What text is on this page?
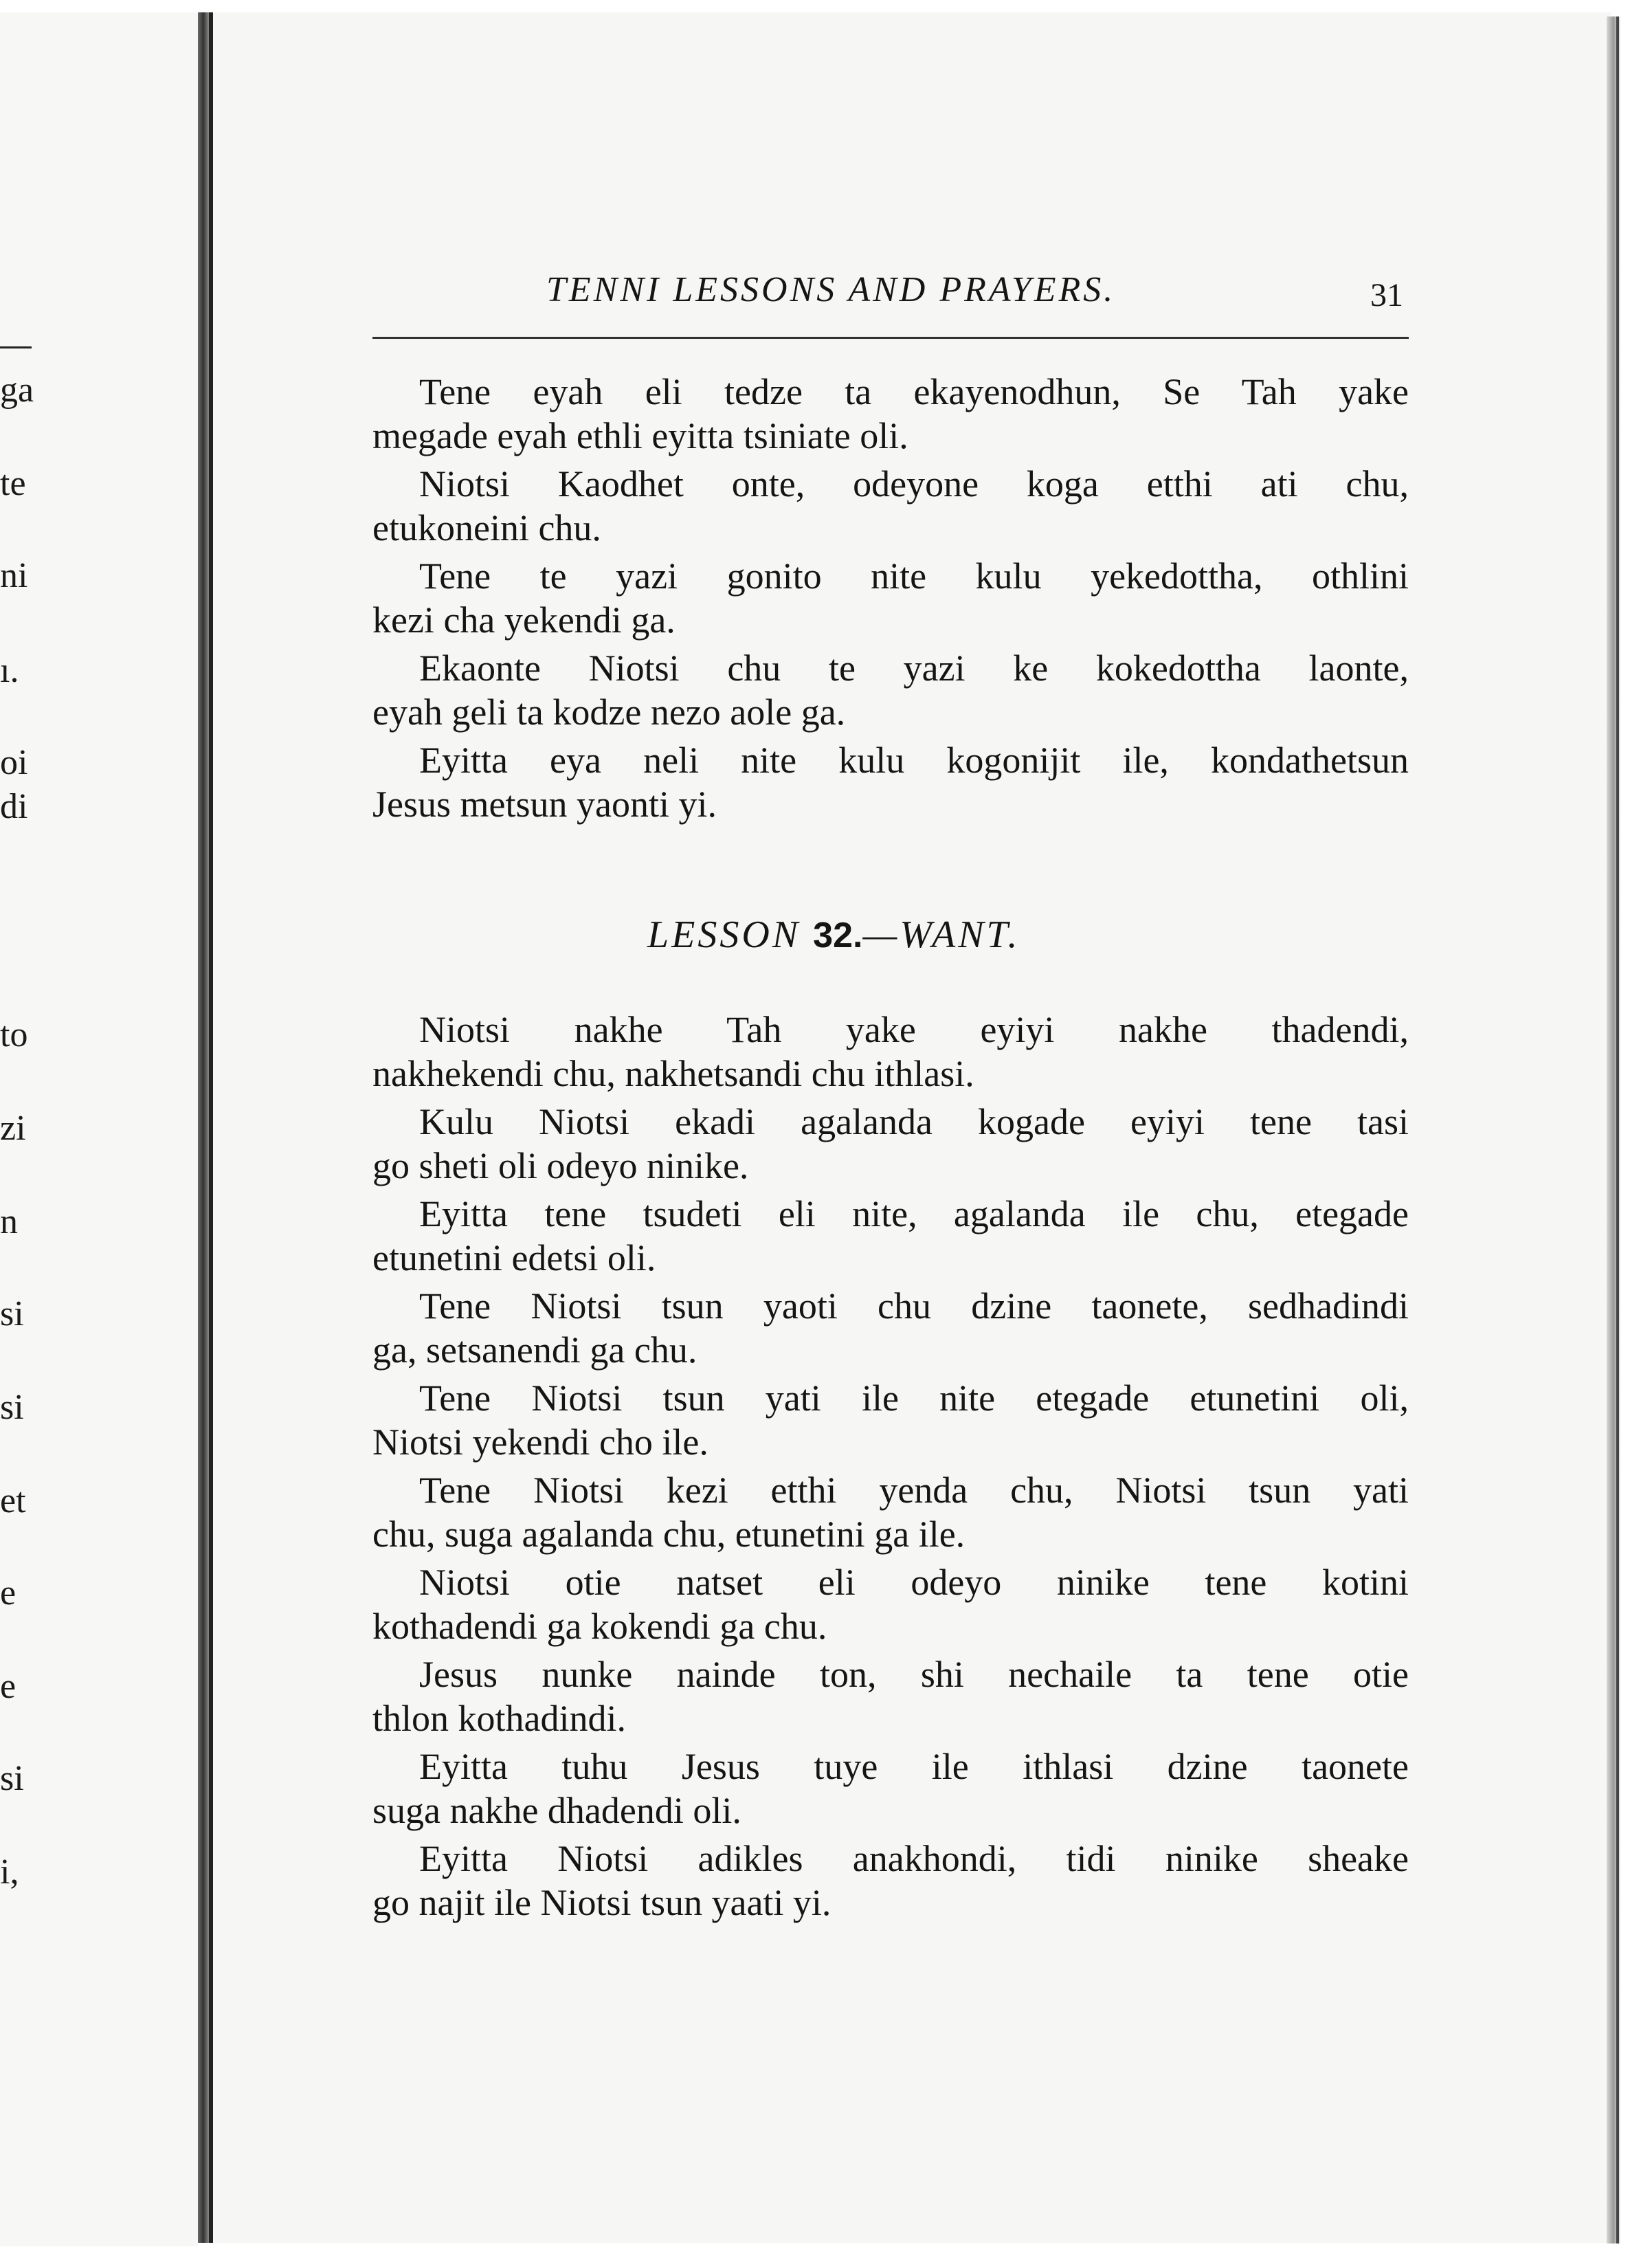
ga
te
ni
ı.
oi
di
to
zi
n
si
si
et
e
e
si
i,
TENNI LESSONS AND PRAYERS.	31
Tene eyah eli tedze ta ekayenodhun, Se Tah yake
megade eyah ethli eyitta tsiniate oli.
Niotsi Kaodhet onte, odeyone koga etthi ati chu,
etukoneini chu.
Tene te yazi gonito nite kulu yekedottha, othlini
kezi cha yekendi ga.
Ekaonte Niotsi chu te yazi ke kokedottha laonte,
eyah geli ta kodze nezo aole ga.
Eyitta eya neli nite kulu kogonijit ile, kondathetsun
Jesus metsun yaonti yi.
LESSON 32.—WANT.
Niotsi nakhe Tah yake eyiyi nakhe thadendi,
nakhekendi chu, nakhetsandi chu ithlasi.
Kulu Niotsi ekadi agalanda kogade eyiyi tene tasi
go sheti oli odeyo ninike.
Eyitta tene tsudeti eli nite, agalanda ile chu, etegade
etunetini edetsi oli.
Tene Niotsi tsun yaoti chu dzine taonete, sedhadindi
ga, setsanendi ga chu.
Tene Niotsi tsun yati ile nite etegade etunetini oli,
Niotsi yekendi cho ile.
Tene Niotsi kezi etthi yenda chu, Niotsi tsun yati
chu, suga agalanda chu, etunetini ga ile.
Niotsi otie natset eli odeyo ninike tene kotini
kothadendi ga kokendi ga chu.
Jesus nunke nainde ton, shi nechaile ta tene otie
thlon kothadindi.
Eyitta tuhu Jesus tuye ile ithlasi dzine taonete
suga nakhe dhadendi oli.
Eyitta Niotsi adikles anakhondi, tidi ninike sheake
go najit ile Niotsi tsun yaati yi.
